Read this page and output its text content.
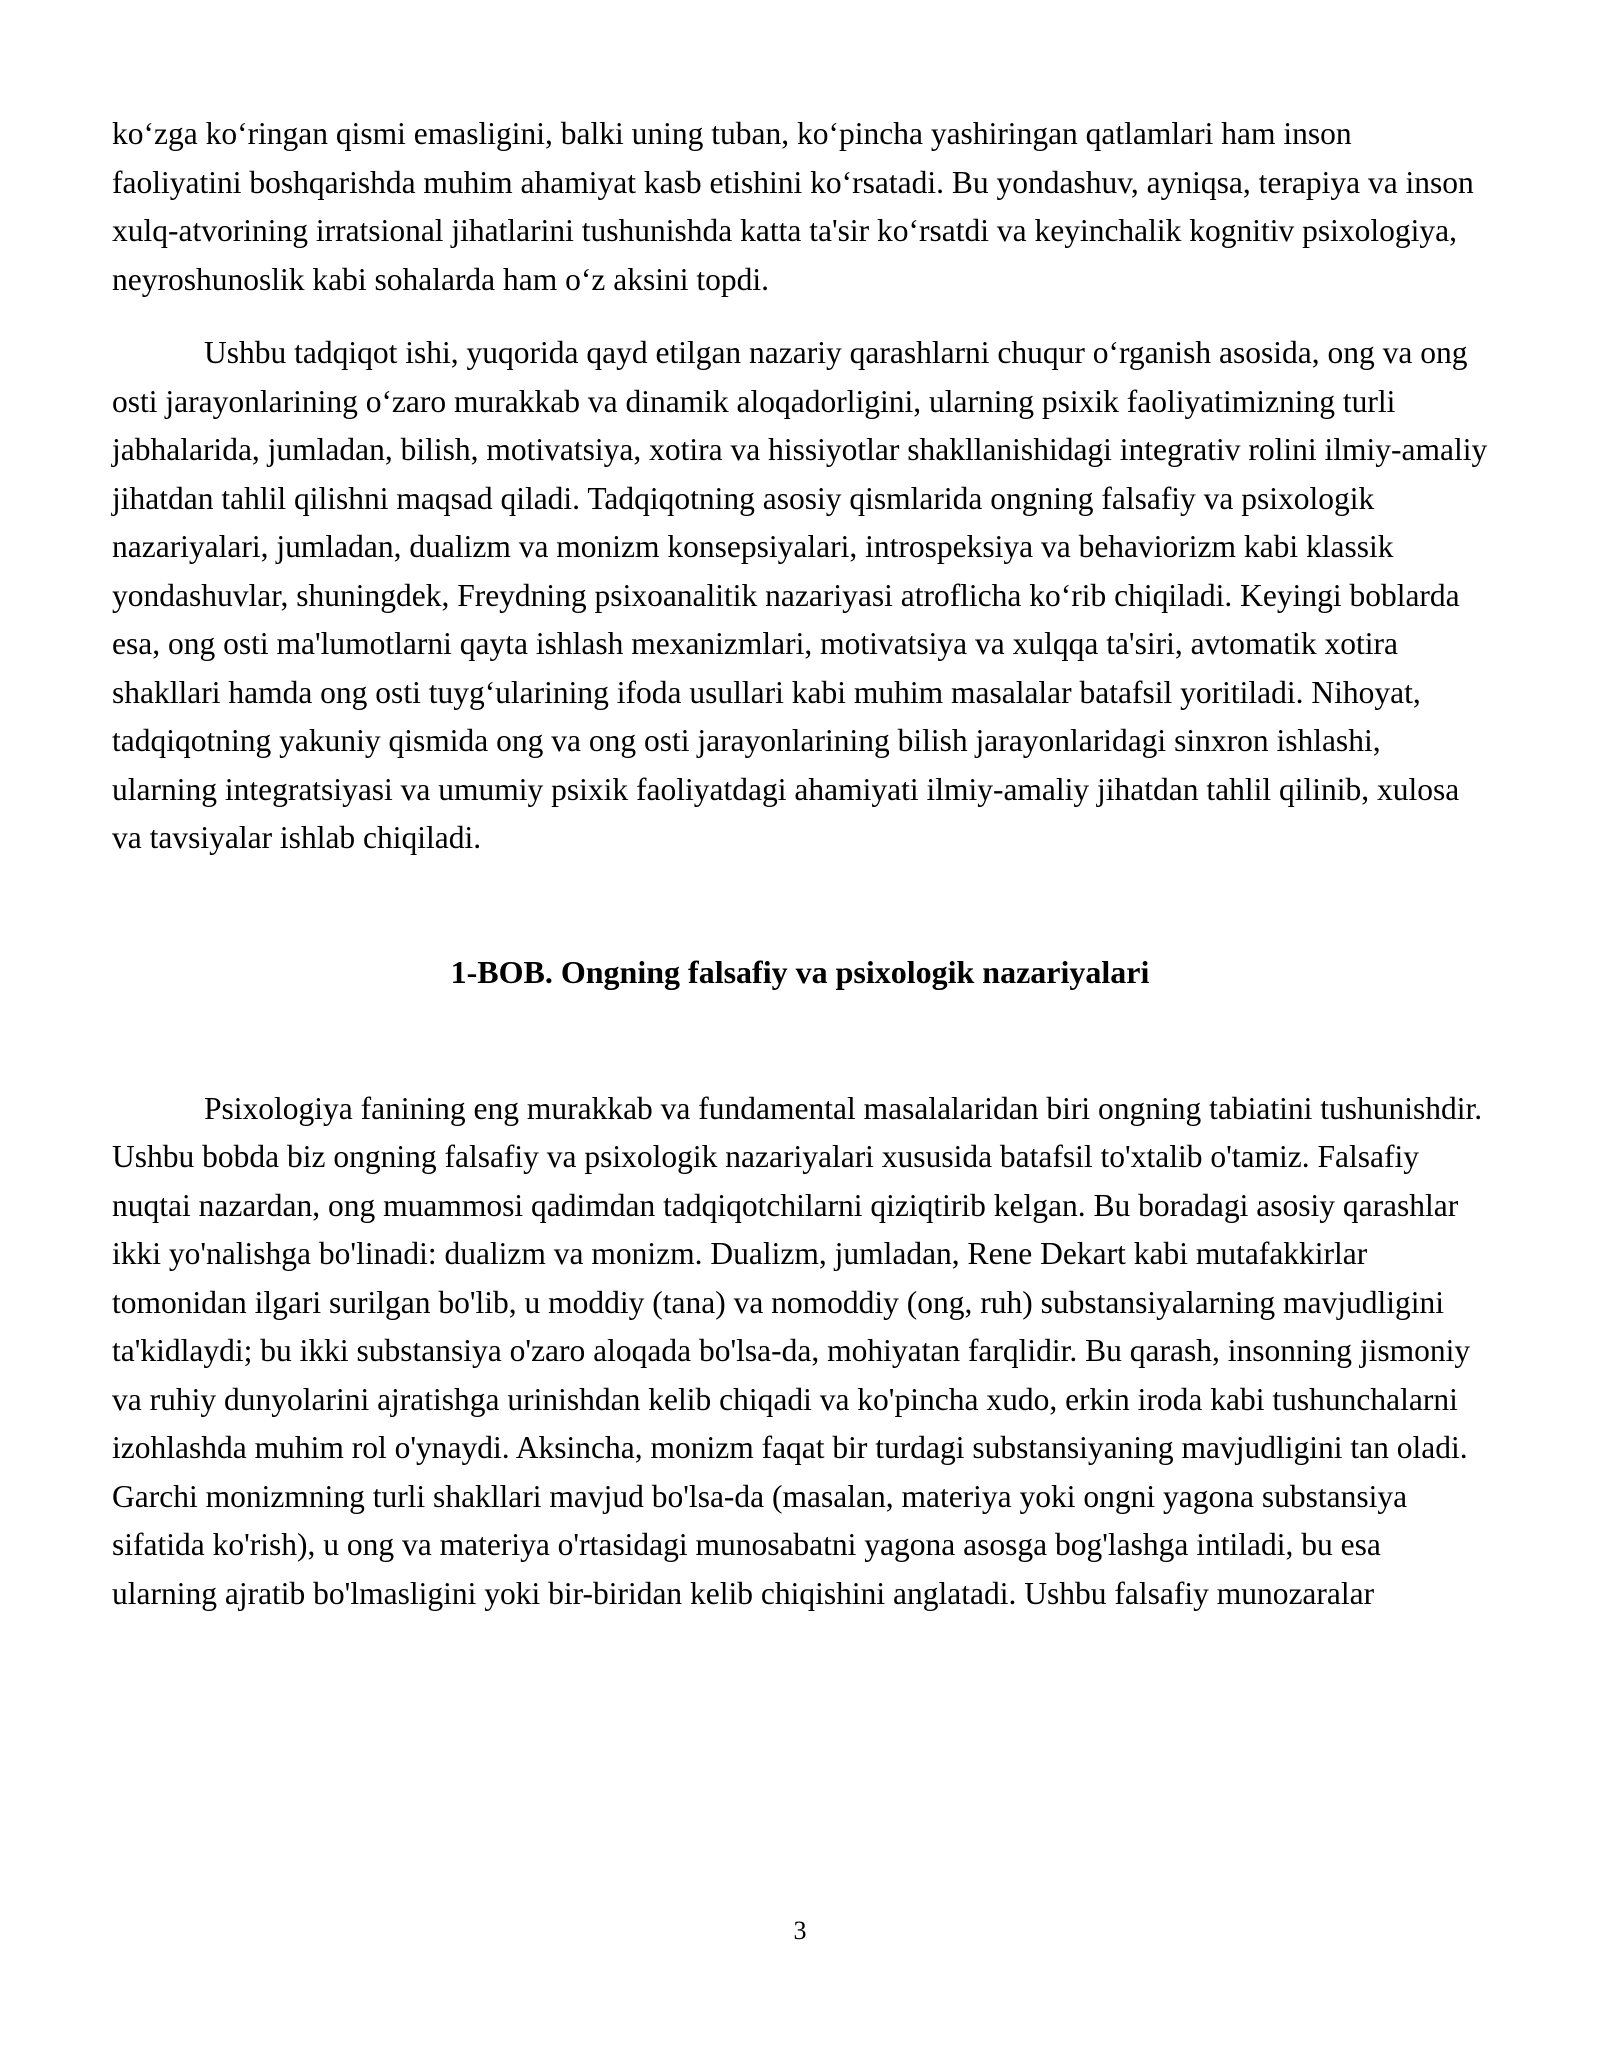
ko‘zga ko‘ringan qismi emasligini, balki uning tuban, ko‘pincha yashiringan qatlamlari ham inson faoliyatini boshqarishda muhim ahamiyat kasb etishini ko‘rsatadi. Bu yondashuv, ayniqsa, terapiya va inson xulq-atvorining irratsional jihatlarini tushunishda katta ta'sir ko‘rsatdi va keyinchalik kognitiv psixologiya, neyroshunoslik kabi sohalarda ham o‘z aksini topdi.

Ushbu tadqiqot ishi, yuqorida qayd etilgan nazariy qarashlarni chuqur o‘rganish asosida, ong va ong osti jarayonlarining o‘zaro murakkab va dinamik aloqadorligini, ularning psixik faoliyatimizning turli jabhalarida, jumladan, bilish, motivatsiya, xotira va hissiyotlar shakllanishidagi integrativ rolini ilmiy-amaliy jihatdan tahlil qilishni maqsad qiladi. Tadqiqotning asosiy qismlarida ongning falsafiy va psixologik nazariyalari, jumladan, dualizm va monizm konsepsiyalari, introspeksiya va behaviorizm kabi klassik yondashuvlar, shuningdek, Freydning psixoanalitik nazariyasi atroflicha ko‘rib chiqiladi. Keyingi boblarda esa, ong osti ma'lumotlarni qayta ishlash mexanizmlari, motivatsiya va xulqqa ta'siri, avtomatik xotira shakllari hamda ong osti tuyg‘ularining ifoda usullari kabi muhim masalalar batafsil yoritiladi. Nihoyat, tadqiqotning yakuniy qismida ong va ong osti jarayonlarining bilish jarayonlaridagi sinxron ishlashi, ularning integratsiyasi va umumiy psixik faoliyatdagi ahamiyati ilmiy-amaliy jihatdan tahlil qilinib, xulosa va tavsiyalar ishlab chiqiladi.

1-BOB. Ongning falsafiy va psixologik nazariyalari

Psixologiya fanining eng murakkab va fundamental masalalaridan biri ongning tabiatini tushunishdir. Ushbu bobda biz ongning falsafiy va psixologik nazariyalari xususida batafsil to'xtalib o'tamiz. Falsafiy nuqtai nazardan, ong muammosi qadimdan tadqiqotchilarni qiziqtirib kelgan. Bu boradagi asosiy qarashlar ikki yo'nalishga bo'linadi: dualizm va monizm. Dualizm, jumladan, Rene Dekart kabi mutafakkirlar tomonidan ilgari surilgan bo'lib, u moddiy (tana) va nomoddiy (ong, ruh) substansiyalarning mavjudligini ta'kidlaydi; bu ikki substansiya o'zaro aloqada bo'lsa-da, mohiyatan farqlidir. Bu qarash, insonning jismoniy va ruhiy dunyolarini ajratishga urinishdan kelib chiqadi va ko'pincha xudo, erkin iroda kabi tushunchalarni izohlashda muhim rol o'ynaydi. Aksincha, monizm faqat bir turdagi substansiyaning mavjudligini tan oladi. Garchi monizmning turli shakllari mavjud bo'lsa-da (masalan, materiya yoki ongni yagona substansiya sifatida ko'rish), u ong va materiya o'rtasidagi munosabatni yagona asosga bog'lashga intiladi, bu esa ularning ajratib bo'lmasligini yoki bir-biridan kelib chiqishini anglatadi. Ushbu falsafiy munozaralar

3
